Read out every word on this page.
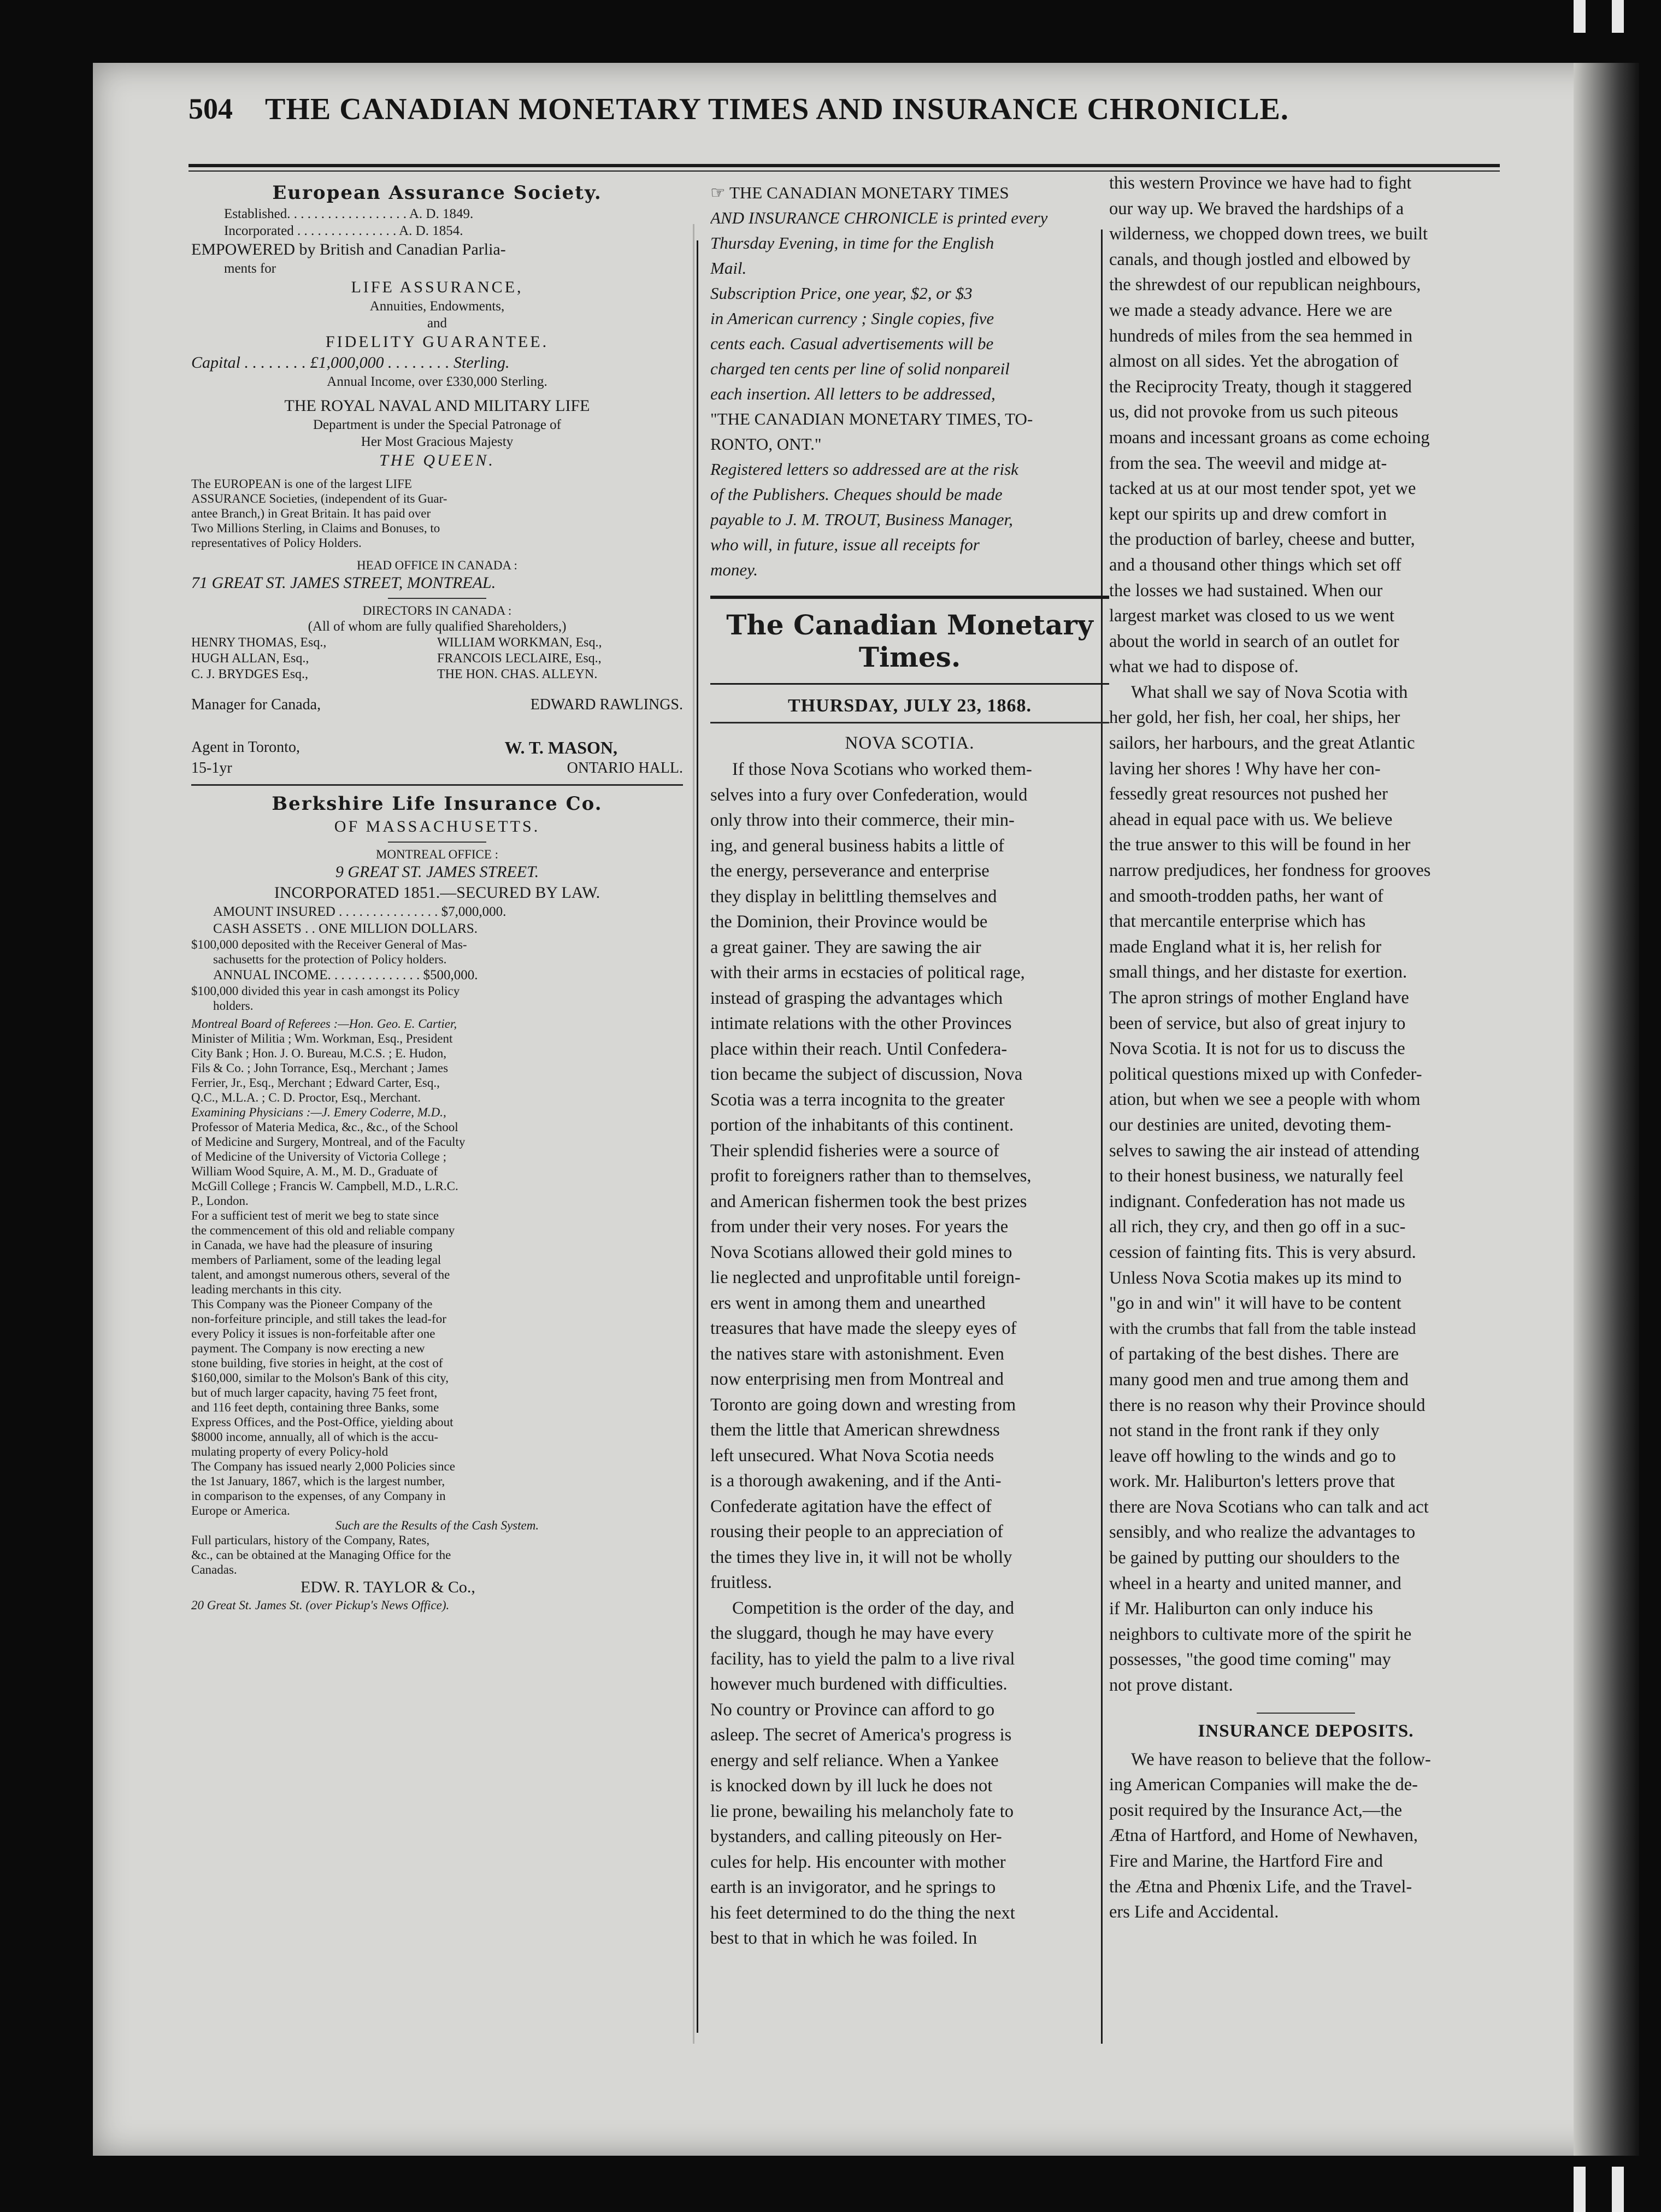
504 THE CANADIAN MONETARY TIMES AND INSURANCE CHRONICLE.
European Assurance Society.
Established. . . . . . . . . . . . . . . . . . A. D. 1849.
Incorporated . . . . . . . . . . . . . . . A. D. 1854.
EMPOWERED by British and Canadian Parlia-
ments for
LIFE ASSURANCE,
Annuities, Endowments,
and
FIDELITY GUARANTEE.
Capital . . . . . . . . £1,000,000 . . . . . . . . Sterling.
Annual Income, over £330,000 Sterling.
THE ROYAL NAVAL AND MILITARY LIFE
Department is under the Special Patronage of
Her Most Gracious Majesty
THE QUEEN.
The EUROPEAN is one of the largest LIFE
ASSURANCE Societies, (independent of its Guar-
antee Branch,) in Great Britain. It has paid over
Two Millions Sterling, in Claims and Bonuses, to
representatives of Policy Holders.
HEAD OFFICE IN CANADA :
71 GREAT ST. JAMES STREET, MONTREAL.
DIRECTORS IN CANADA :
(All of whom are fully qualified Shareholders,)
HENRY THOMAS, Esq.,	WILLIAM WORKMAN, Esq.,
HUGH ALLAN, Esq.,	FRANCOIS LECLAIRE, Esq.,
C. J. BRYDGES Esq.,	THE HON. CHAS. ALLEYN.
Manager for Canada,	EDWARD RAWLINGS.
Agent in Toronto,	W. T. MASON,
15-1yr	ONTARIO HALL.
Berkshire Life Insurance Co.
OF MASSACHUSETTS.
MONTREAL OFFICE :
9 GREAT ST. JAMES STREET.
INCORPORATED 1851.—SECURED BY LAW.
AMOUNT INSURED . . . . . . . . . . . . . . . $7,000,000.
CASH ASSETS . . ONE MILLION DOLLARS.
$100,000 deposited with the Receiver General of Mas-
sachusetts for the protection of Policy holders.
ANNUAL INCOME. . . . . . . . . . . . . . $500,000.
$100,000 divided this year in cash amongst its Policy
holders.
Montreal Board of Referees :—Hon. Geo. E. Cartier,
Minister of Militia ; Wm. Workman, Esq., President
City Bank ; Hon. J. O. Bureau, M.C.S. ; E. Hudon,
Fils & Co. ; John Torrance, Esq., Merchant ; James
Ferrier, Jr., Esq., Merchant ; Edward Carter, Esq.,
Q.C., M.L.A. ; C. D. Proctor, Esq., Merchant.
Examining Physicians :—J. Emery Coderre, M.D.,
Professor of Materia Medica, &c., &c., of the School
of Medicine and Surgery, Montreal, and of the Faculty
of Medicine of the University of Victoria College ;
William Wood Squire, A. M., M. D., Graduate of
McGill College ; Francis W. Campbell, M.D., L.R.C.
P., London.
For a sufficient test of merit we beg to state since
the commencement of this old and reliable company
in Canada, we have had the pleasure of insuring
members of Parliament, some of the leading legal
talent, and amongst numerous others, several of the
leading merchants in this city.
This Company was the Pioneer Company of the
non-forfeiture principle, and still takes the lead-for
every Policy it issues is non-forfeitable after one
payment. The Company is now erecting a new
stone building, five stories in height, at the cost of
$160,000, similar to the Molson's Bank of this city,
but of much larger capacity, having 75 feet front,
and 116 feet depth, containing three Banks, some
Express Offices, and the Post-Office, yielding about
$8000 income, annually, all of which is the accu-
mulating property of every Policy-hold
The Company has issued nearly 2,000 Policies since
the 1st January, 1867, which is the largest number,
in comparison to the expenses, of any Company in
Europe or America.
Such are the Results of the Cash System.
Full particulars, history of the Company, Rates,
&c., can be obtained at the Managing Office for the
Canadas.
EDW. R. TAYLOR & Co.,
20 Great St. James St. (over Pickup's News Office).
☞ THE CANADIAN MONETARY TIMES
AND INSURANCE CHRONICLE is printed every
Thursday Evening, in time for the English
Mail.
Subscription Price, one year, $2, or $3
in American currency ; Single copies, five
cents each. Casual advertisements will be
charged ten cents per line of solid nonpareil
each insertion. All letters to be addressed,
"THE CANADIAN MONETARY TIMES, TO-
RONTO, ONT."
Registered letters so addressed are at the risk
of the Publishers. Cheques should be made
payable to J. M. TROUT, Business Manager,
who will, in future, issue all receipts for
money.
The Canadian Monetary Times.
THURSDAY, JULY 23, 1868.
NOVA SCOTIA.
If those Nova Scotians who worked them-
selves into a fury over Confederation, would
only throw into their commerce, their min-
ing, and general business habits a little of
the energy, perseverance and enterprise
they display in belittling themselves and
the Dominion, their Province would be
a great gainer. They are sawing the air
with their arms in ecstacies of political rage,
instead of grasping the advantages which
intimate relations with the other Provinces
place within their reach. Until Confedera-
tion became the subject of discussion, Nova
Scotia was a terra incognita to the greater
portion of the inhabitants of this continent.
Their splendid fisheries were a source of
profit to foreigners rather than to themselves,
and American fishermen took the best prizes
from under their very noses. For years the
Nova Scotians allowed their gold mines to
lie neglected and unprofitable until foreign-
ers went in among them and unearthed
treasures that have made the sleepy eyes of
the natives stare with astonishment. Even
now enterprising men from Montreal and
Toronto are going down and wresting from
them the little that American shrewdness
left unsecured. What Nova Scotia needs
is a thorough awakening, and if the Anti-
Confederate agitation have the effect of
rousing their people to an appreciation of
the times they live in, it will not be wholly
fruitless.
Competition is the order of the day, and
the sluggard, though he may have every
facility, has to yield the palm to a live rival
however much burdened with difficulties.
No country or Province can afford to go
asleep. The secret of America's progress is
energy and self reliance. When a Yankee
is knocked down by ill luck he does not
lie prone, bewailing his melancholy fate to
bystanders, and calling piteously on Her-
cules for help. His encounter with mother
earth is an invigorator, and he springs to
his feet determined to do the thing the next
best to that in which he was foiled. In
this western Province we have had to fight
our way up. We braved the hardships of a
wilderness, we chopped down trees, we built
canals, and though jostled and elbowed by
the shrewdest of our republican neighbours,
we made a steady advance. Here we are
hundreds of miles from the sea hemmed in
almost on all sides. Yet the abrogation of
the Reciprocity Treaty, though it staggered
us, did not provoke from us such piteous
moans and incessant groans as come echoing
from the sea. The weevil and midge at-
tacked at us at our most tender spot, yet we
kept our spirits up and drew comfort in
the production of barley, cheese and butter,
and a thousand other things which set off
the losses we had sustained. When our
largest market was closed to us we went
about the world in search of an outlet for
what we had to dispose of.
What shall we say of Nova Scotia with
her gold, her fish, her coal, her ships, her
sailors, her harbours, and the great Atlantic
laving her shores ! Why have her con-
fessedly great resources not pushed her
ahead in equal pace with us. We believe
the true answer to this will be found in her
narrow predjudices, her fondness for grooves
and smooth-trodden paths, her want of
that mercantile enterprise which has
made England what it is, her relish for
small things, and her distaste for exertion.
The apron strings of mother England have
been of service, but also of great injury to
Nova Scotia. It is not for us to discuss the
political questions mixed up with Confeder-
ation, but when we see a people with whom
our destinies are united, devoting them-
selves to sawing the air instead of attending
to their honest business, we naturally feel
indignant. Confederation has not made us
all rich, they cry, and then go off in a suc-
cession of fainting fits. This is very absurd.
Unless Nova Scotia makes up its mind to
"go in and win" it will have to be content
with the crumbs that fall from the table instead
of partaking of the best dishes. There are
many good men and true among them and
there is no reason why their Province should
not stand in the front rank if they only
leave off howling to the winds and go to
work. Mr. Haliburton's letters prove that
there are Nova Scotians who can talk and act
sensibly, and who realize the advantages to
be gained by putting our shoulders to the
wheel in a hearty and united manner, and
if Mr. Haliburton can only induce his
neighbors to cultivate more of the spirit he
possesses, "the good time coming" may
not prove distant.
INSURANCE DEPOSITS.
We have reason to believe that the follow-
ing American Companies will make the de-
posit required by the Insurance Act,—the
Ætna of Hartford, and Home of Newhaven,
Fire and Marine, the Hartford Fire and
the Ætna and Phœnix Life, and the Travel-
ers Life and Accidental.
